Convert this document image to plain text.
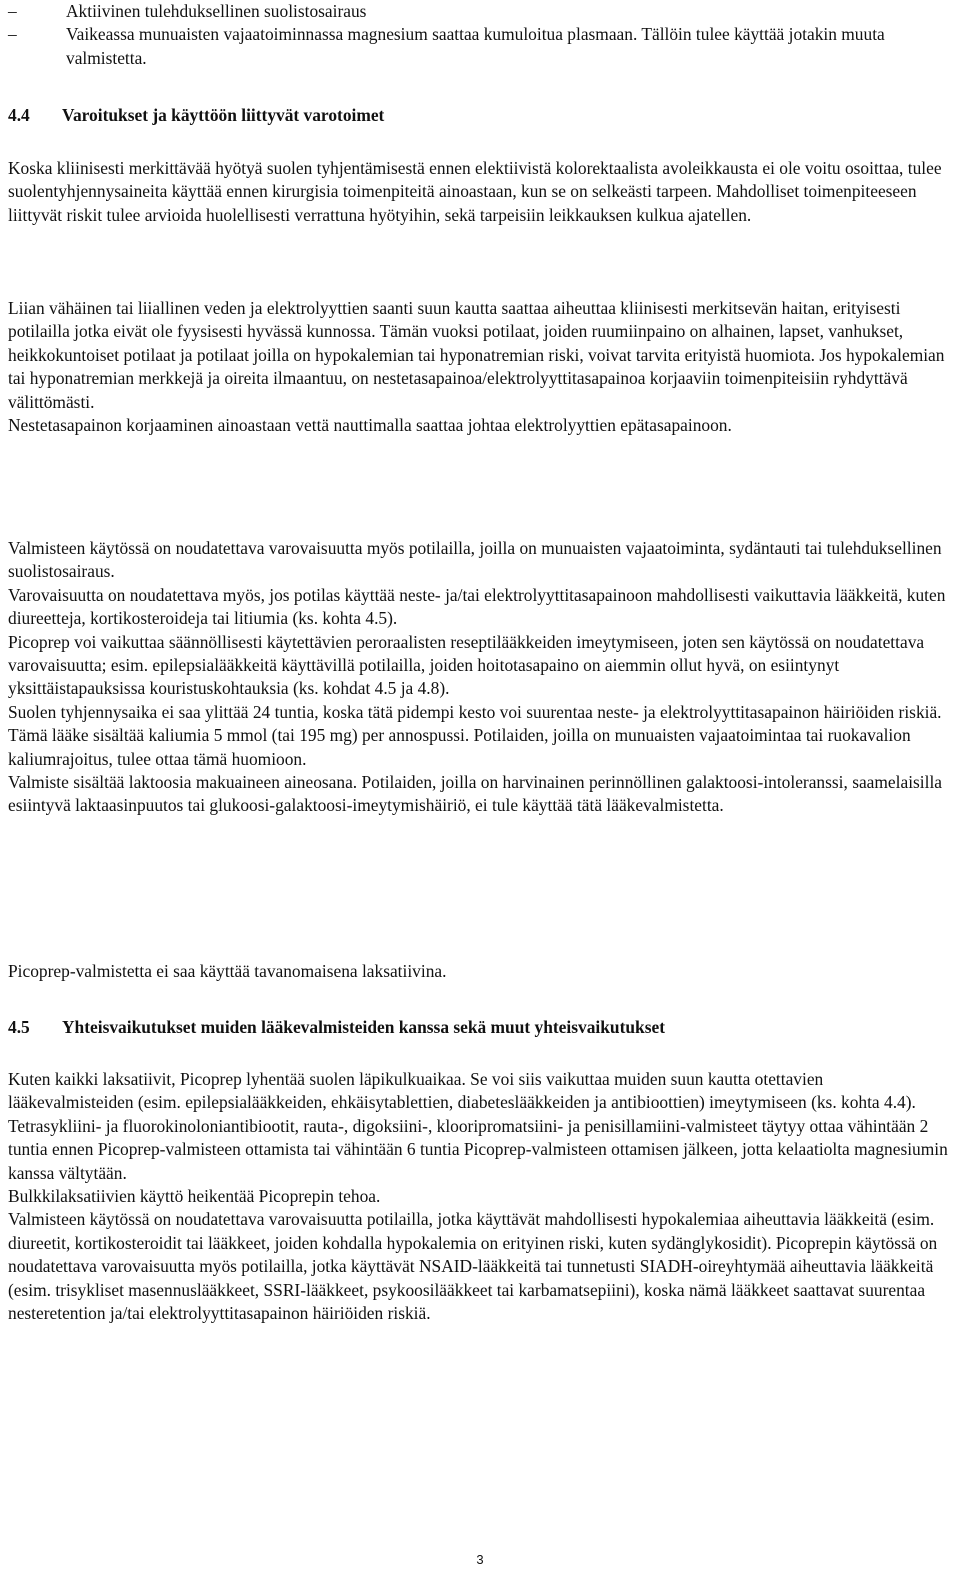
–	Aktiivinen tulehduksellinen suolistosairaus

–	Vaikeassa munuaisten vajaatoiminnassa magnesium saattaa kumuloitua plasmaan. Tällöin tulee käyttää jotakin muuta valmistetta.

4.4 Varoitukset ja käyttöön liittyvät varotoimet

Koska kliinisesti merkittävää hyötyä suolen tyhjentämisestä ennen elektiivistä kolorektaalista avoleikkausta ei ole voitu osoittaa, tulee suolentyhjennysaineita käyttää ennen kirurgisia toimenpiteitä ainoastaan, kun se on selkeästi tarpeen. Mahdolliset toimenpiteeseen liittyvät riskit tulee arvioida huolellisesti verrattuna hyötyihin, sekä tarpeisiin leikkauksen kulkua ajatellen.

Liian vähäinen tai liiallinen veden ja elektrolyyttien saanti suun kautta saattaa aiheuttaa kliinisesti merkitsevän haitan, erityisesti potilailla jotka eivät ole fyysisesti hyvässä kunnossa. Tämän vuoksi potilaat, joiden ruumiinpaino on alhainen, lapset, vanhukset, heikkokuntoiset potilaat ja potilaat joilla on hypokalemian tai hyponatremian riski, voivat tarvita erityistä huomiota. Jos hypokalemian tai hyponatremian merkkejä ja oireita ilmaantuu, on nestetasapainoa/elektrolyyttitasapainoa korjaaviin toimenpiteisiin ryhdyttävä välittömästi.

Nestetasapainon korjaaminen ainoastaan vettä nauttimalla saattaa johtaa elektrolyyttien epätasapainoon.

Valmisteen käytössä on noudatettava varovaisuutta myös potilailla, joilla on munuaisten vajaatoiminta, sydäntauti tai tulehduksellinen suolistosairaus.

Varovaisuutta on noudatettava myös, jos potilas käyttää neste- ja/tai elektrolyyttitasapainoon mahdollisesti vaikuttavia lääkkeitä, kuten diureetteja, kortikosteroideja tai litiumia (ks. kohta 4.5).

Picoprep voi vaikuttaa säännöllisesti käytettävien peroraalisten reseptilääkkeiden imeytymiseen, joten sen käytössä on noudatettava varovaisuutta; esim. epilepsialääkkeitä käyttävillä potilailla, joiden hoitotasapaino on aiemmin ollut hyvä, on esiintynyt yksittäistapauksissa kouristuskohtauksia (ks. kohdat 4.5 ja 4.8).

Suolen tyhjennysaika ei saa ylittää 24 tuntia, koska tätä pidempi kesto voi suurentaa neste- ja elektrolyyttitasapainon häiriöiden riskiä.

Tämä lääke sisältää kaliumia 5 mmol (tai 195 mg) per annospussi. Potilaiden, joilla on munuaisten vajaatoimintaa tai ruokavalion kaliumrajoitus, tulee ottaa tämä huomioon.

Valmiste sisältää laktoosia makuaineen aineosana. Potilaiden, joilla on harvinainen perinnöllinen galaktoosi-intoleranssi, saamelaisilla esiintyvä laktaasinpuutos tai glukoosi-galaktoosi-imeytymishäiriö, ei tule käyttää tätä lääkevalmistetta.

Picoprep-valmistetta ei saa käyttää tavanomaisena laksatiivina.

4.5 Yhteisvaikutukset muiden lääkevalmisteiden kanssa sekä muut yhteisvaikutukset

Kuten kaikki laksatiivit, Picoprep lyhentää suolen läpikulkuaikaa. Se voi siis vaikuttaa muiden suun kautta otettavien lääkevalmisteiden (esim. epilepsialääkkeiden, ehkäisytablettien, diabeteslääkkeiden ja antibioottien) imeytymiseen (ks. kohta 4.4). Tetrasykliini- ja fluorokinoloniantibiootit, rauta-, digoksiini-, klooripromatsiini- ja penisillamiini-valmisteet täytyy ottaa vähintään 2 tuntia ennen Picoprep-valmisteen ottamista tai vähintään 6 tuntia Picoprep-valmisteen ottamisen jälkeen, jotta kelaatiolta magnesiumin kanssa vältytään.

Bulkkilaksatiivien käyttö heikentää Picoprepin tehoa.

Valmisteen käytössä on noudatettava varovaisuutta potilailla, jotka käyttävät mahdollisesti hypokalemiaa aiheuttavia lääkkeitä (esim. diureetit, kortikosteroidit tai lääkkeet, joiden kohdalla hypokalemia on erityinen riski, kuten sydänglykosidit). Picoprepin käytössä on noudatettava varovaisuutta myös potilailla, jotka käyttävät NSAID-lääkkeitä tai tunnetusti SIADH-oireyhtymää aiheuttavia lääkkeitä (esim. trisykliset masennuslääkkeet, SSRI-lääkkeet, psykoosilääkkeet tai karbamatsepiini), koska nämä lääkkeet saattavat suurentaa nesteretention ja/tai elektrolyyttitasapainon häiriöiden riskiä.

3
